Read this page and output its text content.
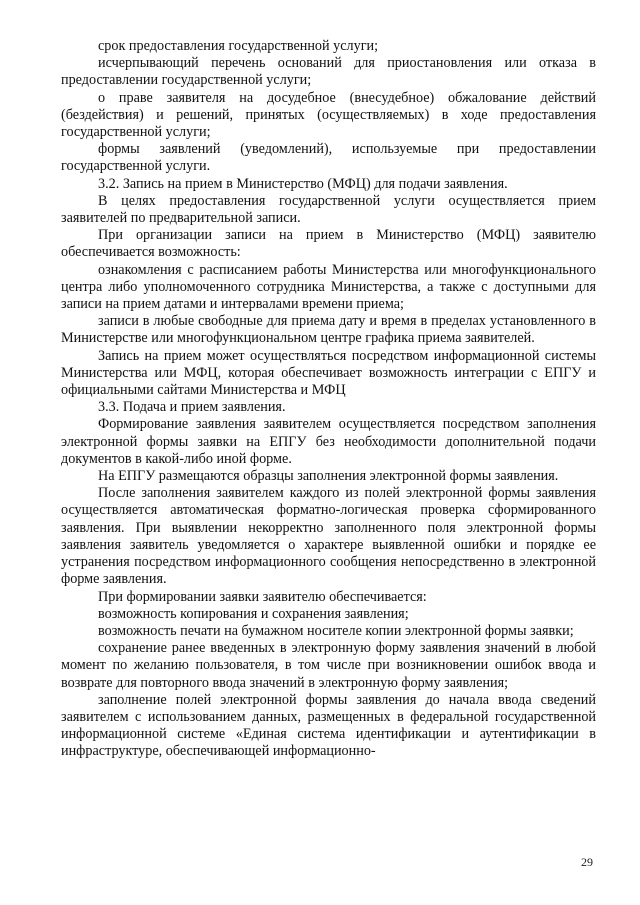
срок предоставления государственной услуги;

исчерпывающий перечень оснований для приостановления или отказа в предоставлении государственной услуги;

о праве заявителя на досудебное (внесудебное) обжалование действий (бездействия) и решений, принятых (осуществляемых) в ходе предоставления государственной услуги;

формы заявлений (уведомлений), используемые при предоставлении государственной услуги.

3.2. Запись на прием в Министерство (МФЦ) для подачи заявления.

В целях предоставления государственной услуги осуществляется прием заявителей по предварительной записи.

При организации записи на прием в Министерство (МФЦ) заявителю обеспечивается возможность:

ознакомления с расписанием работы Министерства или многофункционального центра либо уполномоченного сотрудника Министерства, а также с доступными для записи на прием датами и интервалами времени приема;

записи в любые свободные для приема дату и время в пределах установленного в Министерстве или многофункциональном центре графика приема заявителей.

Запись на прием может осуществляться посредством информационной системы Министерства или МФЦ, которая обеспечивает возможность интеграции с ЕПГУ и официальными сайтами Министерства и МФЦ

3.3. Подача и прием заявления.

Формирование заявления заявителем осуществляется посредством заполнения электронной формы заявки на ЕПГУ без необходимости дополнительной подачи документов в какой-либо иной форме.

На ЕПГУ размещаются образцы заполнения электронной формы заявления.

После заполнения заявителем каждого из полей электронной формы заявления осуществляется автоматическая форматно-логическая проверка сформированного заявления. При выявлении некорректно заполненного поля электронной формы заявления заявитель уведомляется о характере выявленной ошибки и порядке ее устранения посредством информационного сообщения непосредственно в электронной форме заявления.

При формировании заявки заявителю обеспечивается:

возможность копирования и сохранения заявления;

возможность печати на бумажном носителе копии электронной формы заявки;

сохранение ранее введенных в электронную форму заявления значений в любой момент по желанию пользователя, в том числе при возникновении ошибок ввода и возврате для повторного ввода значений в электронную форму заявления;

заполнение полей электронной формы заявления до начала ввода сведений заявителем с использованием данных, размещенных в федеральной государственной информационной системе «Единая система идентификации и аутентификации в инфраструктуре, обеспечивающей информационно-

29
